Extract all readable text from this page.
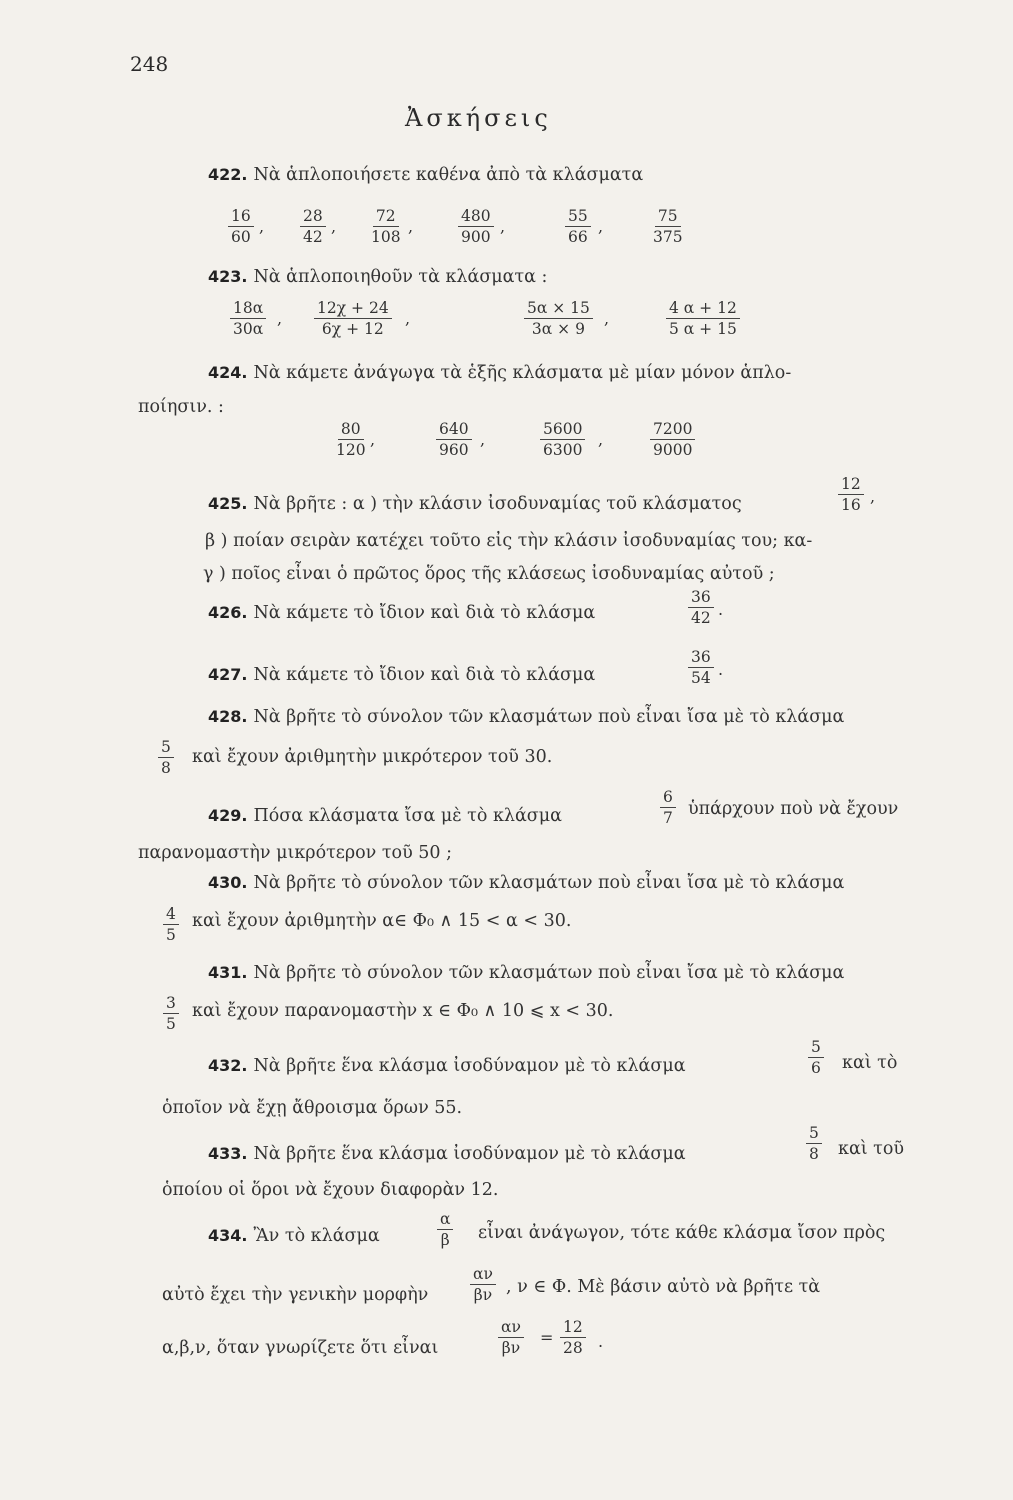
248
Ἀσκήσεις
422. Νὰ ἁπλοποιήσετε καθένα ἀπὸ τὰ κλάσματα
$\frac{16}{60}$ , $\frac{28}{42}$ , $\frac{72}{108}$ ,	$\frac{480}{900}$ ,	$\frac{55}{66}$ ,	$\frac{75}{375}$
423. Νὰ ἁπλοποιηθοῦν τὰ κλάσματα :
$\frac{18\alpha}{30\alpha}$ , $\frac{12\chi + 24}{6\chi + 12}$ ,	$\frac{5\alpha \times 15}{3\alpha \times 9}$ ,	$\frac{4 \alpha + 12}{5 \alpha + 15}$
424. Νὰ κάμετε ἀνάγωγα τὰ ἑξῆς κλάσματα μὲ μίαν μόνον ἁπλο-
ποίησιν. :
$\frac{80}{120}$ ,	$\frac{640}{960}$ ,	$\frac{5600}{6300}$ ,	$\frac{7200}{9000}$
425. Νὰ βρῆτε : α ) τὴν κλάσιν ἰσοδυναμίας τοῦ κλάσματος	$\frac{12}{16}$ ,
β ) ποίαν σειρὰν κατέχει τοῦτο εἰς τὴν κλάσιν ἰσοδυναμίας του; κα-
γ ) ποῖος εἶναι ὁ πρῶτος ὅρος τῆς κλάσεως ἰσοδυναμίας αὐτοῦ ;
426. Νὰ κάμετε τὸ ἴδιον καὶ διὰ τὸ κλάσμα	$\frac{36}{42}$ .
427. Νὰ κάμετε τὸ ἴδιον καὶ διὰ τὸ κλάσμα	$\frac{36}{54}$ .
428. Νὰ βρῆτε τὸ σύνολον τῶν κλασμάτων ποὺ εἶναι ἴσα μὲ τὸ κλάσμα
$\frac{5}{8}$ καὶ ἔχουν ἀριθμητὴν μικρότερον τοῦ 30.
429. Πόσα κλάσματα ἴσα μὲ τὸ κλάσμα	$\frac{6}{7}$ ὑπάρχουν ποὺ νὰ ἔχουν
παρανομαστὴν μικρότερον τοῦ 50 ;
430. Νὰ βρῆτε τὸ σύνολον τῶν κλασμάτων ποὺ εἶναι ἴσα μὲ τὸ κλάσμα
$\frac{4}{5}$ καὶ ἔχουν ἀριθμητὴν α∈ Φ₀ ∧ 15 < α < 30.
431. Νὰ βρῆτε τὸ σύνολον τῶν κλασμάτων ποὺ εἶναι ἴσα μὲ τὸ κλάσμα
$\frac{3}{5}$ καὶ ἔχουν παρανομαστὴν x ∈ Φ₀ ∧ 10 ⩽ x < 30.
432. Νὰ βρῆτε ἕνα κλάσμα ἰσοδύναμον μὲ τὸ κλάσμα	$\frac{5}{6}$ καὶ τὸ
ὁποῖον νὰ ἔχῃ ἄθροισμα ὅρων 55.
433. Νὰ βρῆτε ἕνα κλάσμα ἰσοδύναμον μὲ τὸ κλάσμα	$\frac{5}{8}$ καὶ τοῦ
ὁποίου οἱ ὅροι νὰ ἔχουν διαφορὰν 12.
434. Ἂν τὸ κλάσμα	$\frac{\alpha}{\beta}$ εἶναι ἀνάγωγον, τότε κάθε κλάσμα ἴσον πρὸς
αὐτὸ ἔχει τὴν γενικὴν μορφὴν	$\frac{\alpha\nu}{\beta\nu}$ , ν ∈ Φ. Μὲ βάσιν αὐτὸ νὰ βρῆτε τὰ
α,β,ν, ὅταν γνωρίζετε ὅτι εἶναι	$\frac{\alpha\nu}{\beta\nu} = \frac{12}{28}$ .
